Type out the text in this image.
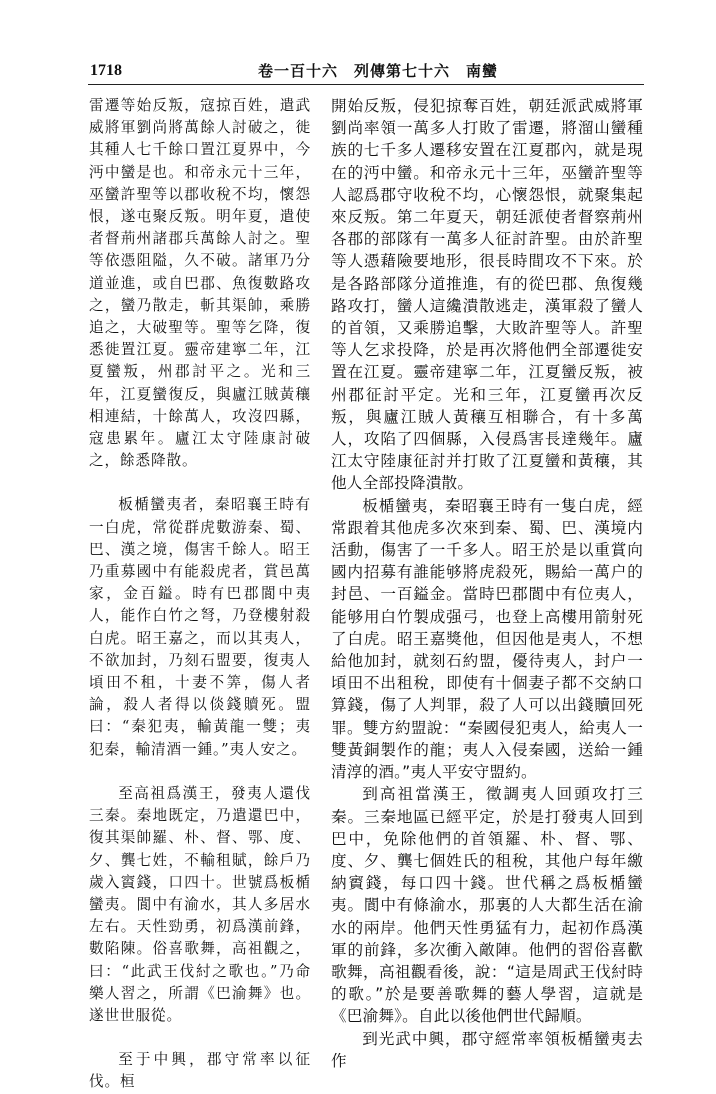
1718	卷一百十六　列傳第七十六　南蠻

雷遷等始反叛，寇掠百姓，遣武威將軍劉尚將萬餘人討破之，徙其種人七千餘口置江夏界中，今沔中蠻是也。和帝永元十三年，巫蠻許聖等以郡收稅不均，懷怨恨，遂屯聚反叛。明年夏，遣使者督荊州諸郡兵萬餘人討之。聖等依憑阻隘，久不破。諸軍乃分道並進，或自巴郡、魚復數路攻之，蠻乃散走，斬其渠帥，乘勝追之，大破聖等。聖等乞降，復悉徙置江夏。靈帝建寧二年，江夏蠻叛，州郡討平之。光和三年，江夏蠻復反，與廬江賊黃穰相連結，十餘萬人，攻沒四縣，寇患累年。廬江太守陸康討破之，餘悉降散。

板楯蠻夷者，秦昭襄王時有一白虎，常從群虎數游秦、蜀、巴、漢之境，傷害千餘人。昭王乃重募國中有能殺虎者，賞邑萬家，金百鎰。時有巴郡閬中夷人，能作白竹之弩，乃登樓射殺白虎。昭王嘉之，而以其夷人，不欲加封，乃刻石盟要，復夷人頃田不租，十妻不筭，傷人者論，殺人者得以倓錢贖死。盟曰：“秦犯夷，輸黃龍一雙；夷犯秦，輸清酒一鍾。”夷人安之。

至高祖爲漢王，發夷人還伐三秦。秦地既定，乃遣還巴中，復其渠帥羅、朴、督、鄂、度、夕、龔七姓，不輸租賦，餘戶乃歲入賨錢，口四十。世號爲板楯蠻夷。閬中有渝水，其人多居水左右。天性勁勇，初爲漢前鋒，數陷陳。俗喜歌舞，高祖觀之，曰：“此武王伐紂之歌也。”乃命樂人習之，所謂《巴渝舞》也。遂世世服從。

至于中興，郡守常率以征伐。桓

開始反叛，侵犯掠奪百姓，朝廷派武威將軍劉尚率領一萬多人打敗了雷遷，將溜山蠻種族的七千多人遷移安置在江夏郡內，就是現在的沔中蠻。和帝永元十三年，巫蠻許聖等人認爲郡守收稅不均，心懷怨恨，就聚集起來反叛。第二年夏天，朝廷派使者督察荊州各郡的部隊有一萬多人征討許聖。由於許聖等人憑藉險要地形，很長時間攻不下來。於是各路部隊分道推進，有的從巴郡、魚復幾路攻打，蠻人這纔潰散逃走，漢軍殺了蠻人的首領，又乘勝追擊，大敗許聖等人。許聖等人乞求投降，於是再次將他們全部遷徙安置在江夏。靈帝建寧二年，江夏蠻反叛，被州郡征討平定。光和三年，江夏蠻再次反叛，與廬江賊人黃穰互相聯合，有十多萬人，攻陷了四個縣，入侵爲害長達幾年。廬江太守陸康征討并打敗了江夏蠻和黃穰，其他人全部投降潰散。

板楯蠻夷，秦昭襄王時有一隻白虎，經常跟着其他虎多次來到秦、蜀、巴、漢境内活動，傷害了一千多人。昭王於是以重賞向國内招募有誰能够將虎殺死，賜給一萬户的封邑、一百鎰金。當時巴郡閬中有位夷人，能够用白竹製成强弓，也登上高樓用箭射死了白虎。昭王嘉獎他，但因他是夷人，不想給他加封，就刻石約盟，優待夷人，封户一頃田不出租稅，即使有十個妻子都不交納口算錢，傷了人判罪，殺了人可以出錢贖回死罪。雙方約盟說：“秦國侵犯夷人，給夷人一雙黃銅製作的龍；夷人入侵秦國，送給一鍾清淳的酒。”夷人平安守盟約。

到高祖當漢王，徵調夷人回頭攻打三秦。三秦地區已經平定，於是打發夷人回到巴中，免除他們的首領羅、朴、督、鄂、度、夕、龔七個姓氏的租稅，其他户每年繳納賨錢，每口四十錢。世代稱之爲板楯蠻夷。閬中有條渝水，那裏的人大都生活在渝水的兩岸。他們天性勇猛有力，起初作爲漢軍的前鋒，多次衝入敵陣。他們的習俗喜歡歌舞，高祖觀看後，說：“這是周武王伐紂時的歌。”於是要善歌舞的藝人學習，這就是《巴渝舞》。自此以後他們世代歸順。

到光武中興，郡守經常率領板楯蠻夷去作
